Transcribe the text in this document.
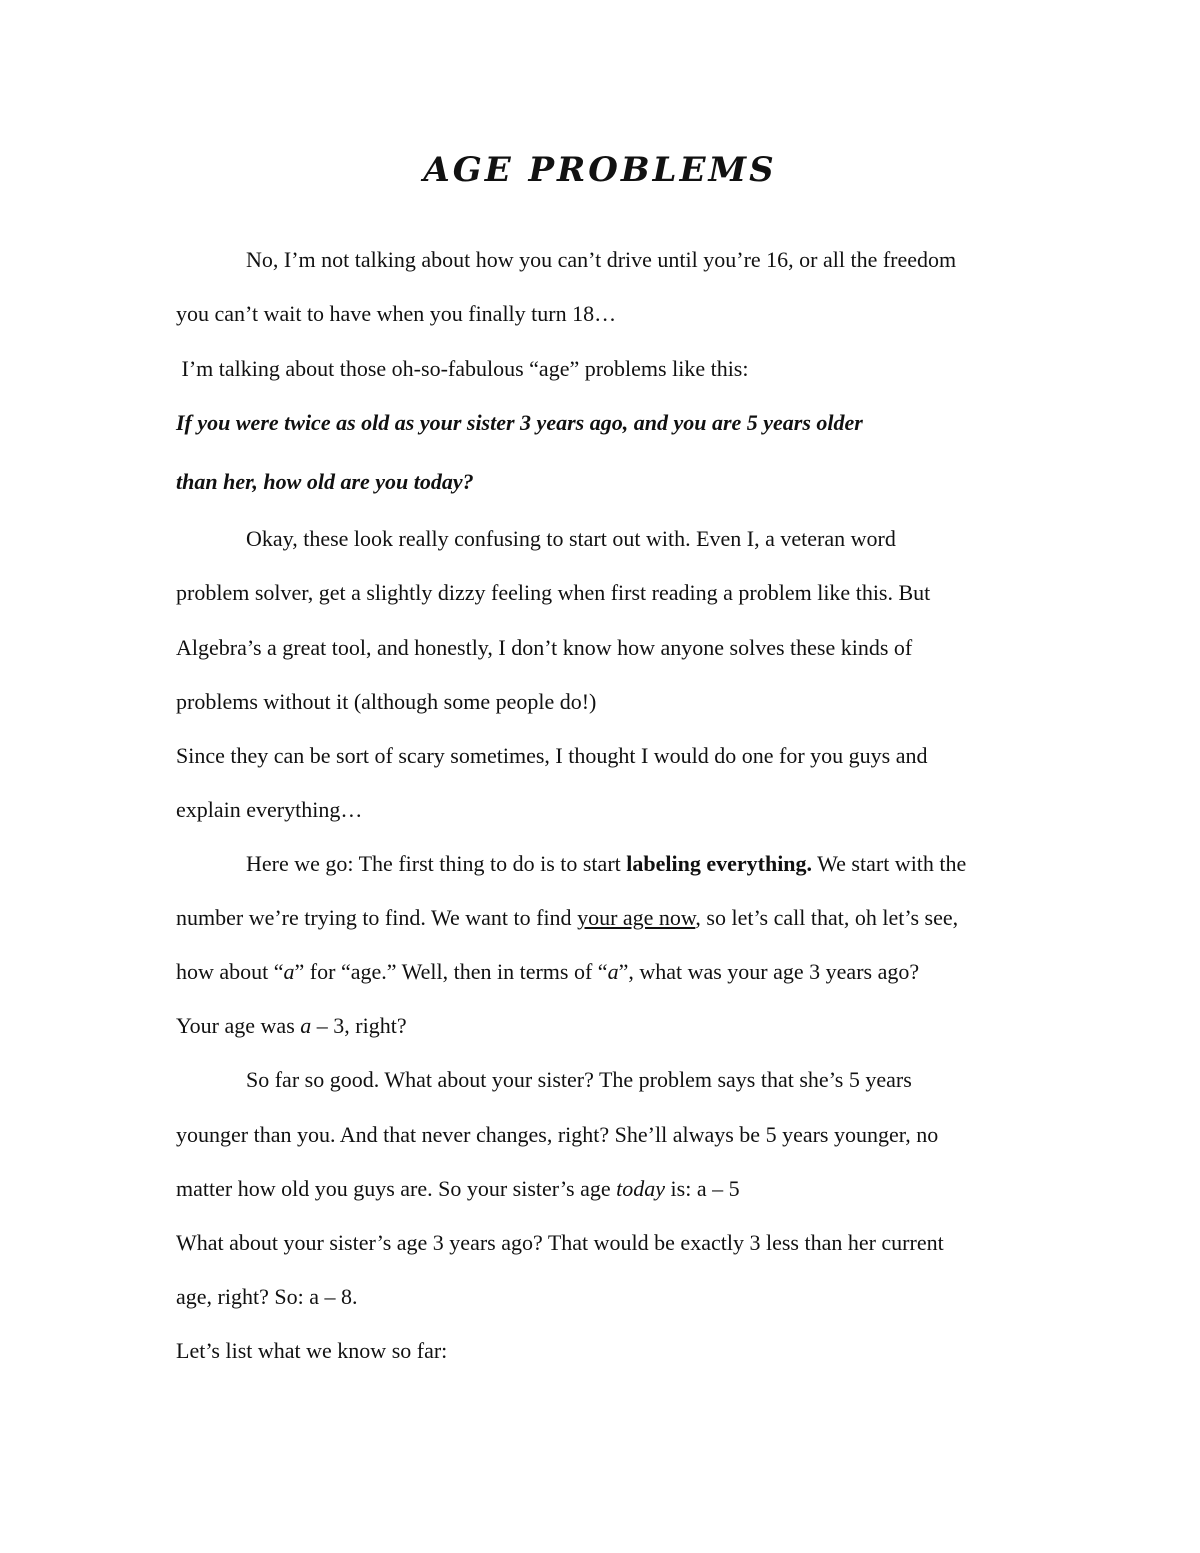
AGE PROBLEMS
No, I’m not talking about how you can’t drive until you’re 16, or all the freedom
you can’t wait to have when you finally turn 18…
I’m talking about those oh-so-fabulous “age” problems like this:
If you were twice as old as your sister 3 years ago, and you are 5 years older
than her, how old are you today?
Okay, these look really confusing to start out with. Even I, a veteran word
problem solver, get a slightly dizzy feeling when first reading a problem like this. But
Algebra’s a great tool, and honestly, I don’t know how anyone solves these kinds of
problems without it (although some people do!)
Since they can be sort of scary sometimes, I thought I would do one for you guys and
explain everything…
Here we go: The first thing to do is to start labeling everything. We start with the
number we’re trying to find. We want to find your age now, so let’s call that, oh let’s see,
how about “a” for “age.” Well, then in terms of “a”, what was your age 3 years ago?
Your age was a – 3, right?
So far so good. What about your sister? The problem says that she’s 5 years
younger than you. And that never changes, right? She’ll always be 5 years younger, no
matter how old you guys are. So your sister’s age today is: a – 5
What about your sister’s age 3 years ago? That would be exactly 3 less than her current
age, right? So: a – 8.
Let’s list what we know so far:
